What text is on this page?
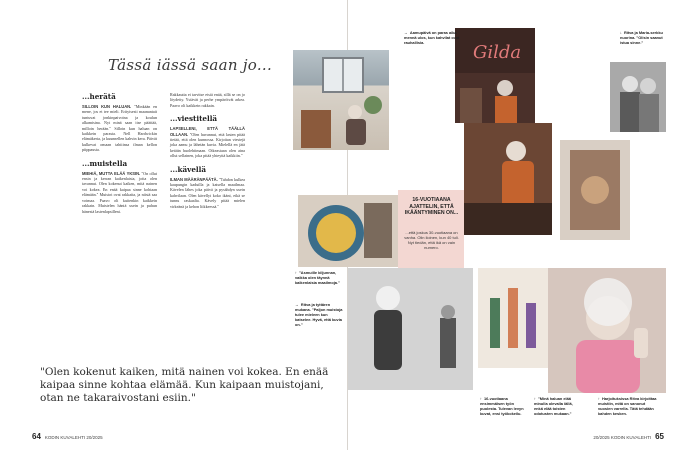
Tässä iässä saan jo...

...herätä

SILLOIN KUN HALUAN. "Minkään en mene, jos et tee mieli. Erityisesti maanantait tuntuvat jonkinpaivoina ja koulun alkamisina. Nyt minä saan itse päättää, milloin herään." Silloin kun haluan on kaikkein parasta. Nell Hardwickin elämäkerta, ja kuunnellen kahvin kera. Päivät kulkevat omaan tahtiinsa ilman kellon piippausta.

...muistella

MIEHIÄ, MUTTA ELÄÄ YKSIN. "On ollut ensin ja kerran kaikenlaista, joita olen tavannut. Olen kokenut kaiken, mitä nainen voi kokea. En enää kaipaa sinne kohtaan elämään." Muistot ovat rakkaita, ja niistä saa voimaa. Paavo oli kuitenkin kaikkein rakkain. Muistelen häntä usein ja puhun hänestä lastenlapsilleni.

Rakkautta ei tarvitse etsiä enää, sillä se on jo löydetty. Ystävät ja perhe ympäröivät arkea. Paavo oli kaikkein rakkain.

...viestitellä

LAPSELLENI, ETTÄ TÄÄLLÄ OLLAAN. "Olen huvannut, että lasten pitää tietää, että olen kunnossa. Kirjoitan viestejä joka aamu ja lähetän kuvia. Mielellä en jätä ketään huolehtimaan. Oikeastaan olen aina ollut sellainen, joka pitää yhteyttä kaikkiin."

...kävellä

ILMAN MÄÄRÄNPÄÄTÄ. "Tahdon kulkea kaupungin kaduilla ja katsella maailmaa. Kävelen lähes joka päivä ja pysähdyn usein kahvilaan. Olen kävellyt koko ikäni, eikä se tunnu raskaalta. Kävely pitää mielen virkeänä ja kehon liikkeessä."

"Olen kokenut kaiken, mitä nainen voi kokea. En enää kaipaa sinne kohtaa elämää. Kun kaipaan muistojani, otan ne takaraivostani esiin."
64 KODIN KUVALEHTI 20/2025
Gilda
16-VUOTIAANA AJATTELIN, ETTÄ IKÄÄNTYMINEN ON...
...että joskus 30-vuotiaana on vanha. Olin iloinen, kun 40 tuli. Nyt tiedän, että ikä on vain numero.
→ Aamupäivä on paras aika mennä ulos, kun kahvilat ovat rauhallisia.
↓ Ritva ja Maria-serkku nuorina. "Olisin saanut istua sinne."
↑ "Asmuille kiljunnan, vaikka olen täynnä kaikenlaisia maailmoja."
→ Ritva ja tyttären mukana. "Paljon muistoja tulee mieleen kun katselee. Hyvä, että kuvia on."
↑ 16-vuotiaana ensimmäisen työn puolesta. Tulevan levyn kuvat, ensi työkokeilu.
↑ "Minä haluan elää minulla olevalla iällä, enkä elää toisten odotusten mukaan."
↑ Harjoituksissa Ritva kirjoittaa muistiin, mitä on sanonut vuosien varrella. Tätä tehdään kahden kesken.
20/2025 KODIN KUVALEHTI 65
